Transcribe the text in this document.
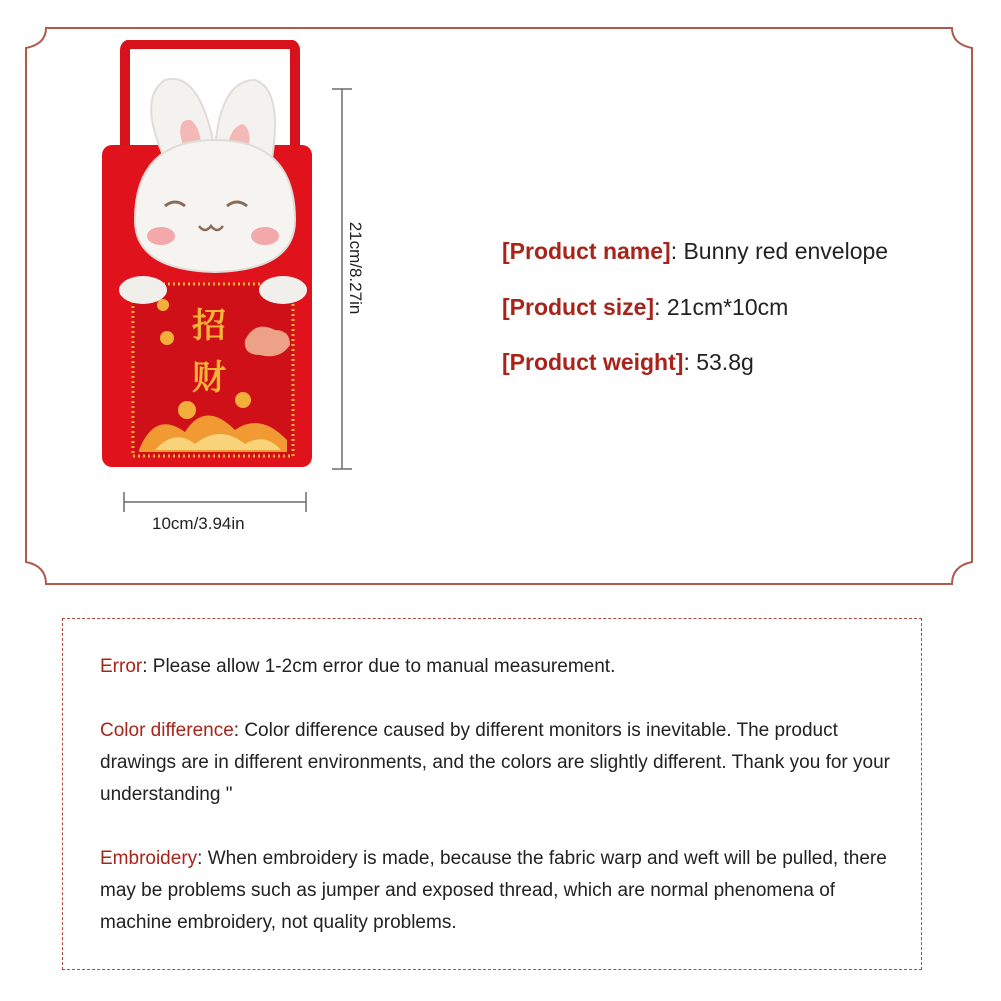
招
财
21cm/8.27in
10cm/3.94in
[Product name]: Bunny red envelope
[Product size]: 21cm*10cm
[Product weight]: 53.8g
Error: Please allow 1-2cm error due to manual measurement.
Color difference: Color difference caused by different monitors is inevitable. The product drawings are in different environments, and the colors are slightly different. Thank you for your understanding "
Embroidery: When embroidery is made, because the fabric warp and weft will be pulled, there may be problems such as jumper and exposed thread, which are normal phenomena of machine embroidery, not quality problems.
